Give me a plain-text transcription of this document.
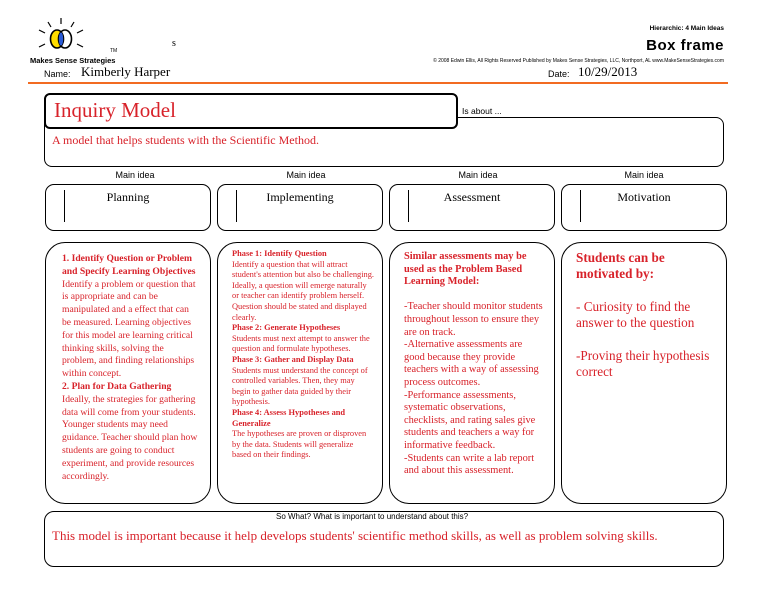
Makes Sense Strategies
TM
s
Name: Kimberly Harper
Hierarchic: 4 Main Ideas
Box frame
© 2008 Edwin Ellis, All Rights Reserved Published by Makes Sense Strategies, LLC, Northport, AL www.MakeSenseStrategies.com
Date: 10/29/2013
A model that helps students with the Scientific Method.
Inquiry Model	Is about ...
Main idea	Main idea	Main idea	Main idea
Planning	Implementing	Assessment	Motivation

1. Identify Question or Problem and Specify Learning Objectives

Identify a problem or question that is appropriate and can be manipulated and a effect that can be measured. Learning objectives for this model are learning critical thinking skills, solving the problem, and finding relationships within concept.

2. Plan for Data Gathering

Ideally, the strategies for gathering data will come from your students. Younger students may need guidance. Teacher should plan how students are going to conduct experiment, and provide resources accordingly.

Phase 1: Identify Question

Identify a question that will attract student's attention but also be challenging. Ideally, a question will emerge naturally or teacher can identify problem herself. Question should be stated and displayed clearly.

Phase 2: Generate Hypotheses

Students must next attempt to answer the question and formulate hypotheses.

Phase 3: Gather and Display Data

Students must understand the concept of controlled variables. Then, they may begin to gather data guided by their hypothesis.

Phase 4: Assess Hypotheses and Generalize

The hypotheses are proven or disproven by the data. Students will generalize based on their findings.

Similar assessments may be used as the Problem Based Learning Model:

-Teacher should monitor students throughout lesson to ensure they are on track.

-Alternative assessments are good because they provide teachers with a way of assessing process outcomes.

-Performance assessments, systematic observations, checklists, and rating sales give students and teachers a way for informative feedback.

-Students can write a lab report and about this assessment.

Students can be motivated by:

- Curiosity to find the answer to the question

-Proving their hypothesis correct

So What? What is important to understand about this?
This model is important because it help develops students' scientific method skills, as well as problem solving skills.
